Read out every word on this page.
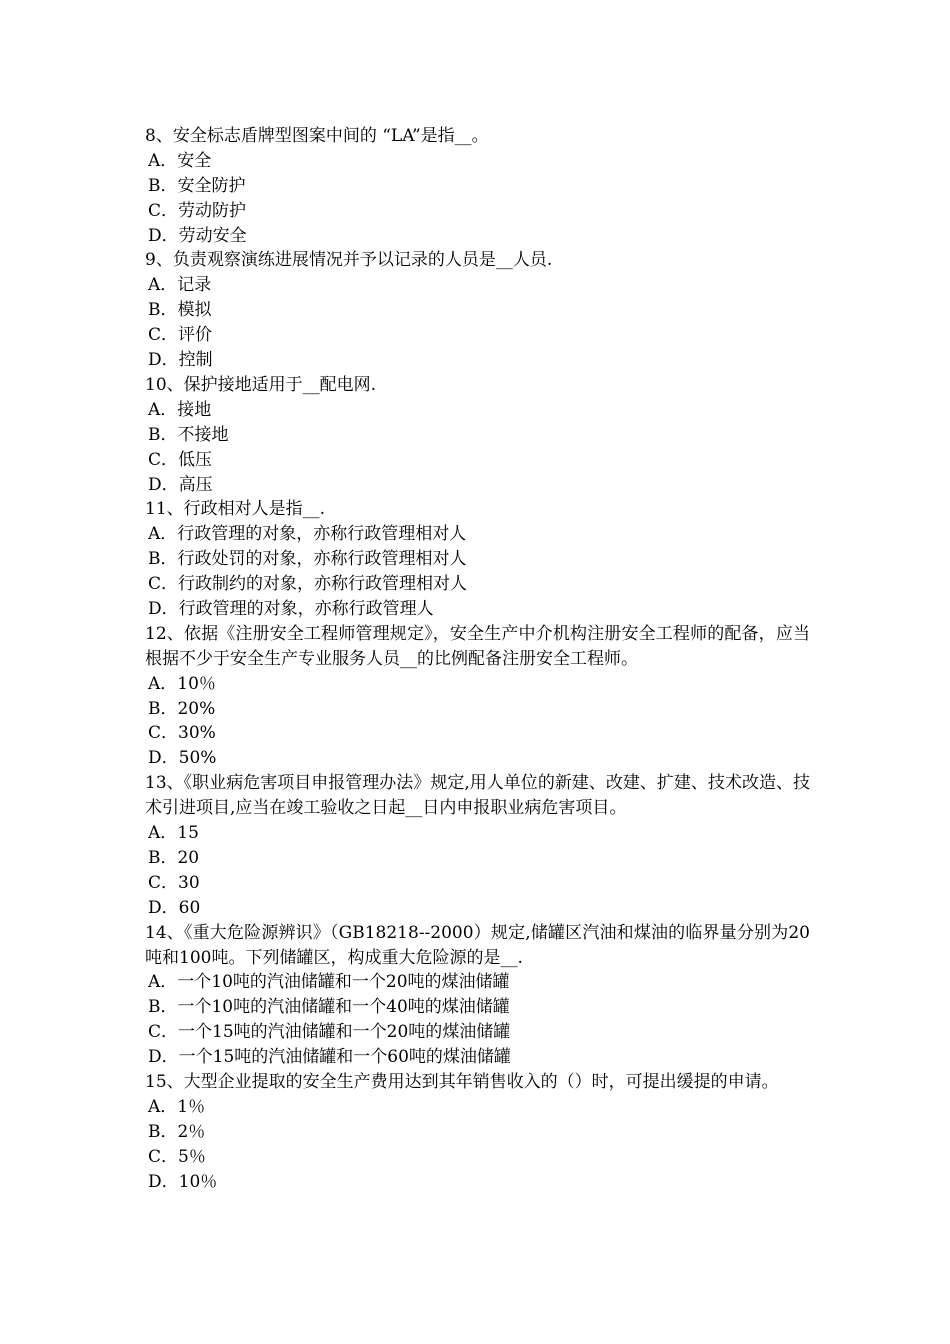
8、安全标志盾牌型图案中间的 “LA”是指__。
A．安全
B．安全防护
C．劳动防护
D．劳动安全
9、负责观察演练进展情况并予以记录的人员是__人员.
A．记录
B．模拟
C．评价
D．控制
10、保护接地适用于__配电网.
A．接地
B．不接地
C．低压
D．高压
11、行政相对人是指__.
A．行政管理的对象，亦称行政管理相对人
B．行政处罚的对象，亦称行政管理相对人
C．行政制约的对象，亦称行政管理相对人
D．行政管理的对象，亦称行政管理人
12、依据《注册安全工程师管理规定》，安全生产中介机构注册安全工程师的配备，应当根据不少于安全生产专业服务人员__的比例配备注册安全工程师。
A．10％
B．20%
C．30%
D．50%
13、《职业病危害项目申报管理办法》规定,用人单位的新建、改建、扩建、技术改造、技术引进项目,应当在竣工验收之日起__日内申报职业病危害项目。
A．15
B．20
C．30
D．60
14、《重大危险源辨识》（GB18218--2000）规定,储罐区汽油和煤油的临界量分别为20吨和100吨。下列储罐区，构成重大危险源的是__.
A．一个10吨的汽油储罐和一个20吨的煤油储罐
B．一个10吨的汽油储罐和一个40吨的煤油储罐
C．一个15吨的汽油储罐和一个20吨的煤油储罐
D．一个15吨的汽油储罐和一个60吨的煤油储罐
15、大型企业提取的安全生产费用达到其年销售收入的（）时，可提出缓提的申请。
A．1％
B．2％
C．5％
D．10％
